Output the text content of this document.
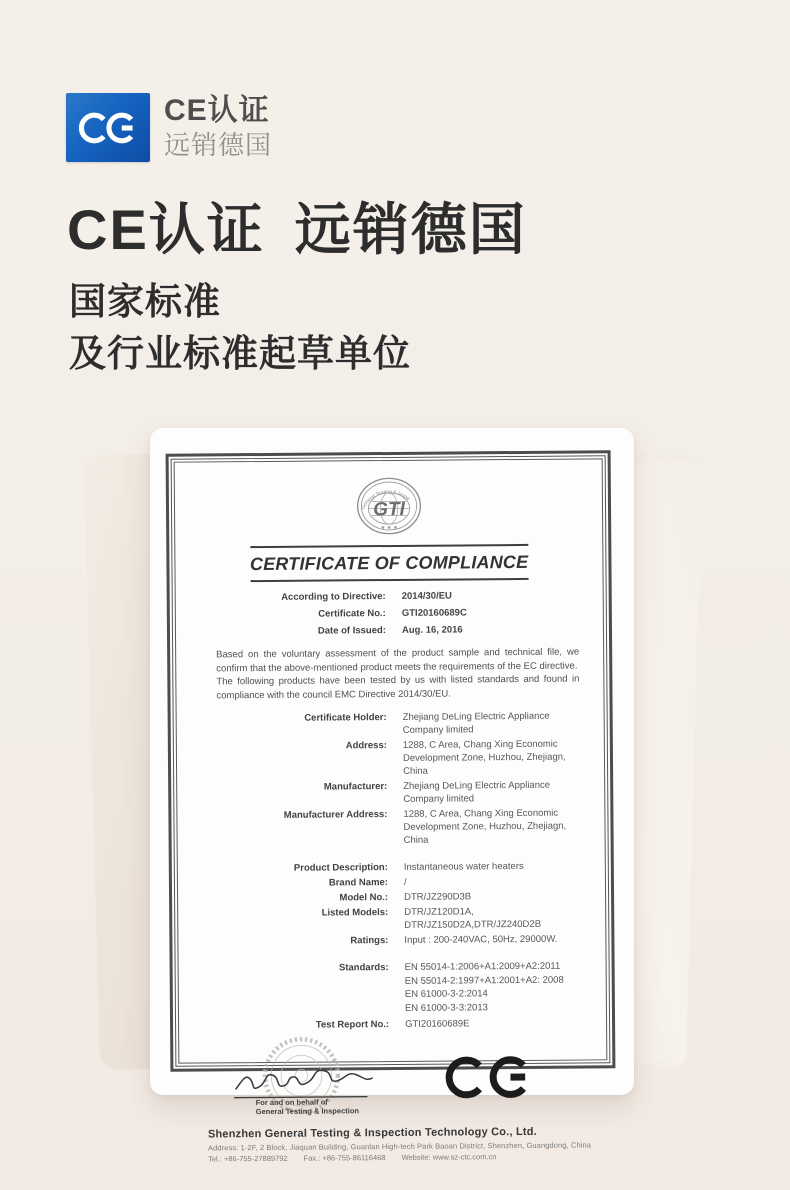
CE认证
远销德国
CE认证 远销德国
国家标准
及行业标准起草单位
GTI
General Testing & Inspe
★ ★ ★
CERTIFICATE OF COMPLIANCE
According to Directive: 2014/30/EU
Certificate No.: GTI20160689C
Date of Issued: Aug. 16, 2016
Based on the voluntary assessment of the product sample and technical file, we confirm that the above-mentioned product meets the requirements of the EC directive.
The following products have been tested by us with listed standards and found in compliance with the council EMC Directive 2014/30/EU.
Certificate Holder: Zhejiang DeLing Electric Appliance Company limited
Address: 1288, C Area, Chang Xing Economic Development Zone, Huzhou, Zhejiagn, China
Manufacturer: Zhejiang DeLing Electric Appliance Company limited
Manufacturer Address: 1288, C Area, Chang Xing Economic Development Zone, Huzhou, Zhejiagn, China
Product Description: Instantaneous water heaters
Brand Name: /
Model No.: DTR/JZ290D3B
Listed Models: DTR/JZ120D1A, DTR/JZ150D2A,DTR/JZ240D2B
Ratings: Input : 200-240VAC, 50Hz, 29000W.
Standards: EN 55014-1:2006+A1:2009+A2:2011
EN 55014-2:1997+A1:2001+A2: 2008
EN 61000-3-2:2014
EN 61000-3-3:2013
Test Report No.: GTI20160689E
For and on behalf of
General Testing & Inspection
Shenzhen General Testing & Inspection Technology Co., Ltd.
Address: 1-2F, 2 Block, Jiaquan Building, Guanlan High-tech Park Baoan District, Shenzhen, Guangdong, China
Tel.: +86-755-27889792 Fax.: +86-755-86116468 Website: www.sz-ctc.com.cn
